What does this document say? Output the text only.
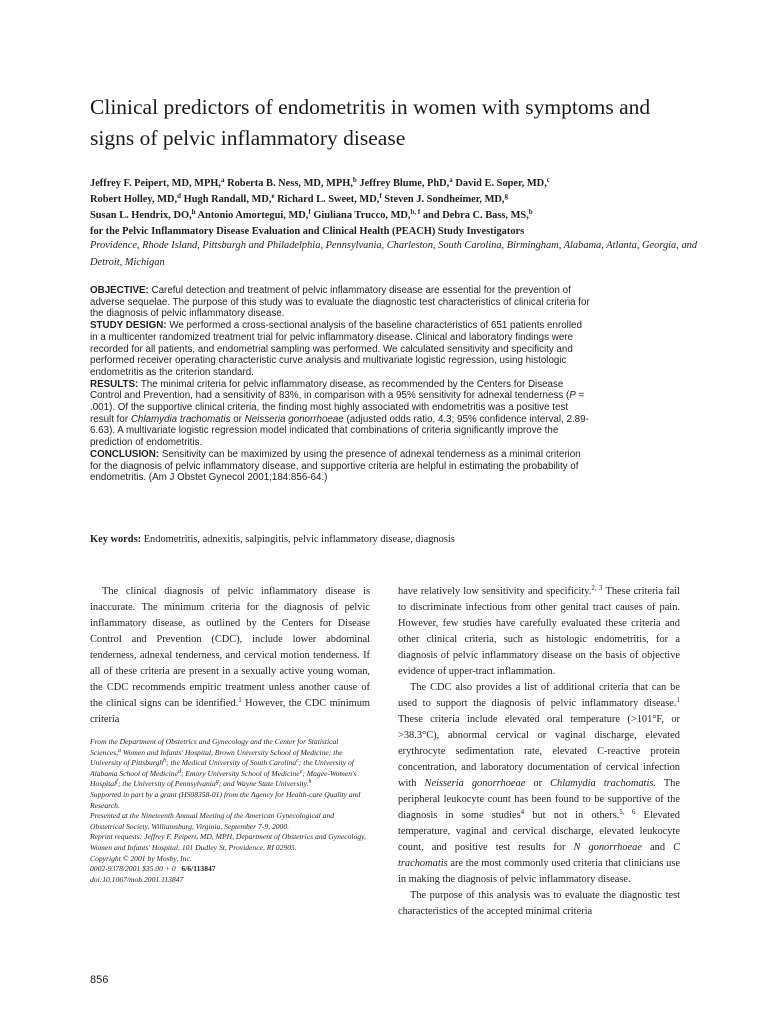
Clinical predictors of endometritis in women with symptoms and signs of pelvic inflammatory disease
Jeffrey F. Peipert, MD, MPH,$^a$ Roberta B. Ness, MD, MPH,$^b$ Jeffrey Blume, PhD,$^a$ David E. Soper, MD,$^c$
Robert Holley, MD,$^d$ Hugh Randall, MD,$^e$ Richard L. Sweet, MD,$^f$ Steven J. Sondheimer, MD,$^g$
Susan L. Hendrix, DO,$^h$ Antonio Amortegui, MD,$^f$ Giuliana Trucco, MD,$^{b, f}$ and Debra C. Bass, MS,$^b$
for the Pelvic Inflammatory Disease Evaluation and Clinical Health (PEACH) Study Investigators
Providence, Rhode Island, Pittsburgh and Philadelphia, Pennsylvania, Charleston, South Carolina, Birmingham, Alabama, Atlanta, Georgia, and Detroit, Michigan

OBJECTIVE: Careful detection and treatment of pelvic inflammatory disease are essential for the prevention of adverse sequelae. The purpose of this study was to evaluate the diagnostic test characteristics of clinical criteria for the diagnosis of pelvic inflammatory disease.

STUDY DESIGN: We performed a cross-sectional analysis of the baseline characteristics of 651 patients enrolled in a multicenter randomized treatment trial for pelvic inflammatory disease. Clinical and laboratory findings were recorded for all patients, and endometrial sampling was performed. We calculated sensitivity and specificity and performed receiver operating characteristic curve analysis and multivariate logistic regression, using histologic endometritis as the criterion standard.

RESULTS: The minimal criteria for pelvic inflammatory disease, as recommended by the Centers for Disease Control and Prevention, had a sensitivity of 83%, in comparison with a 95% sensitivity for adnexal tenderness (P = .001). Of the supportive clinical criteria, the finding most highly associated with endometritis was a positive test result for Chlamydia trachomatis or Neisseria gonorrhoeae (adjusted odds ratio, 4.3; 95% confidence interval, 2.89-6.63). A multivariate logistic regression model indicated that combinations of criteria significantly improve the prediction of endometritis.

CONCLUSION: Sensitivity can be maximized by using the presence of adnexal tenderness as a minimal criterion for the diagnosis of pelvic inflammatory disease, and supportive criteria are helpful in estimating the probability of endometritis. (Am J Obstet Gynecol 2001;184:856-64.)

Key words: Endometritis, adnexitis, salpingitis, pelvic inflammatory disease, diagnosis

The clinical diagnosis of pelvic inflammatory disease is inaccurate. The minimum criteria for the diagnosis of pelvic inflammatory disease, as outlined by the Centers for Disease Control and Prevention (CDC), include lower abdominal tenderness, adnexal tenderness, and cervical motion tenderness. If all of these criteria are present in a sexually active young woman, the CDC recommends empiric treatment unless another cause of the clinical signs can be identified.$^1$ However, the CDC minimum criteria

From the Department of Obstetrics and Gynecology and the Center for Statistical Sciences,$^a$ Women and Infants' Hospital, Brown University School of Medicine; the University of Pittsburgh$^b$; the Medical University of South Carolina$^c$; the University of Alabama School of Medicine$^d$; Emory University School of Medicine$^e$; Magee-Women's Hospital$^f$; the University of Pennsylvania$^g$; and Wayne State University.$^h$

Supported in part by a grant (HS08358-01) from the Agency for Health-care Quality and Research.

Presented at the Nineteenth Annual Meeting of the American Gynecological and Obstetrical Society, Williamsburg, Virginia, September 7-9, 2000.

Reprint requests: Jeffrey F. Peipert, MD, MPH, Department of Obstetrics and Gynecology, Women and Infants' Hospital, 101 Dudley St, Providence, RI 02905.

Copyright © 2001 by Mosby, Inc.

0002-9378/2001 $35.00 + 0 6/6/113847

doi:10.1067/mob.2001.113847

have relatively low sensitivity and specificity.$^{2, 3}$ These criteria fail to discriminate infectious from other genital tract causes of pain. However, few studies have carefully evaluated these criteria and other clinical criteria, such as histologic endometritis, for a diagnosis of pelvic inflammatory disease on the basis of objective evidence of upper-tract inflammation.

The CDC also provides a list of additional criteria that can be used to support the diagnosis of pelvic inflammatory disease.$^1$ These criteria include elevated oral temperature (>101°F, or >38.3°C), abnormal cervical or vaginal discharge, elevated erythrocyte sedimentation rate, elevated C-reactive protein concentration, and laboratory documentation of cervical infection with Neisseria gonorrhoeae or Chlamydia trachomatis. The peripheral leukocyte count has been found to be supportive of the diagnosis in some studies$^4$ but not in others.$^{5, 6}$ Elevated temperature, vaginal and cervical discharge, elevated leukocyte count, and positive test results for N gonorrhoeae and C trachomatis are the most commonly used criteria that clinicians use in making the diagnosis of pelvic inflammatory disease.

The purpose of this analysis was to evaluate the diagnostic test characteristics of the accepted minimal criteria

856
